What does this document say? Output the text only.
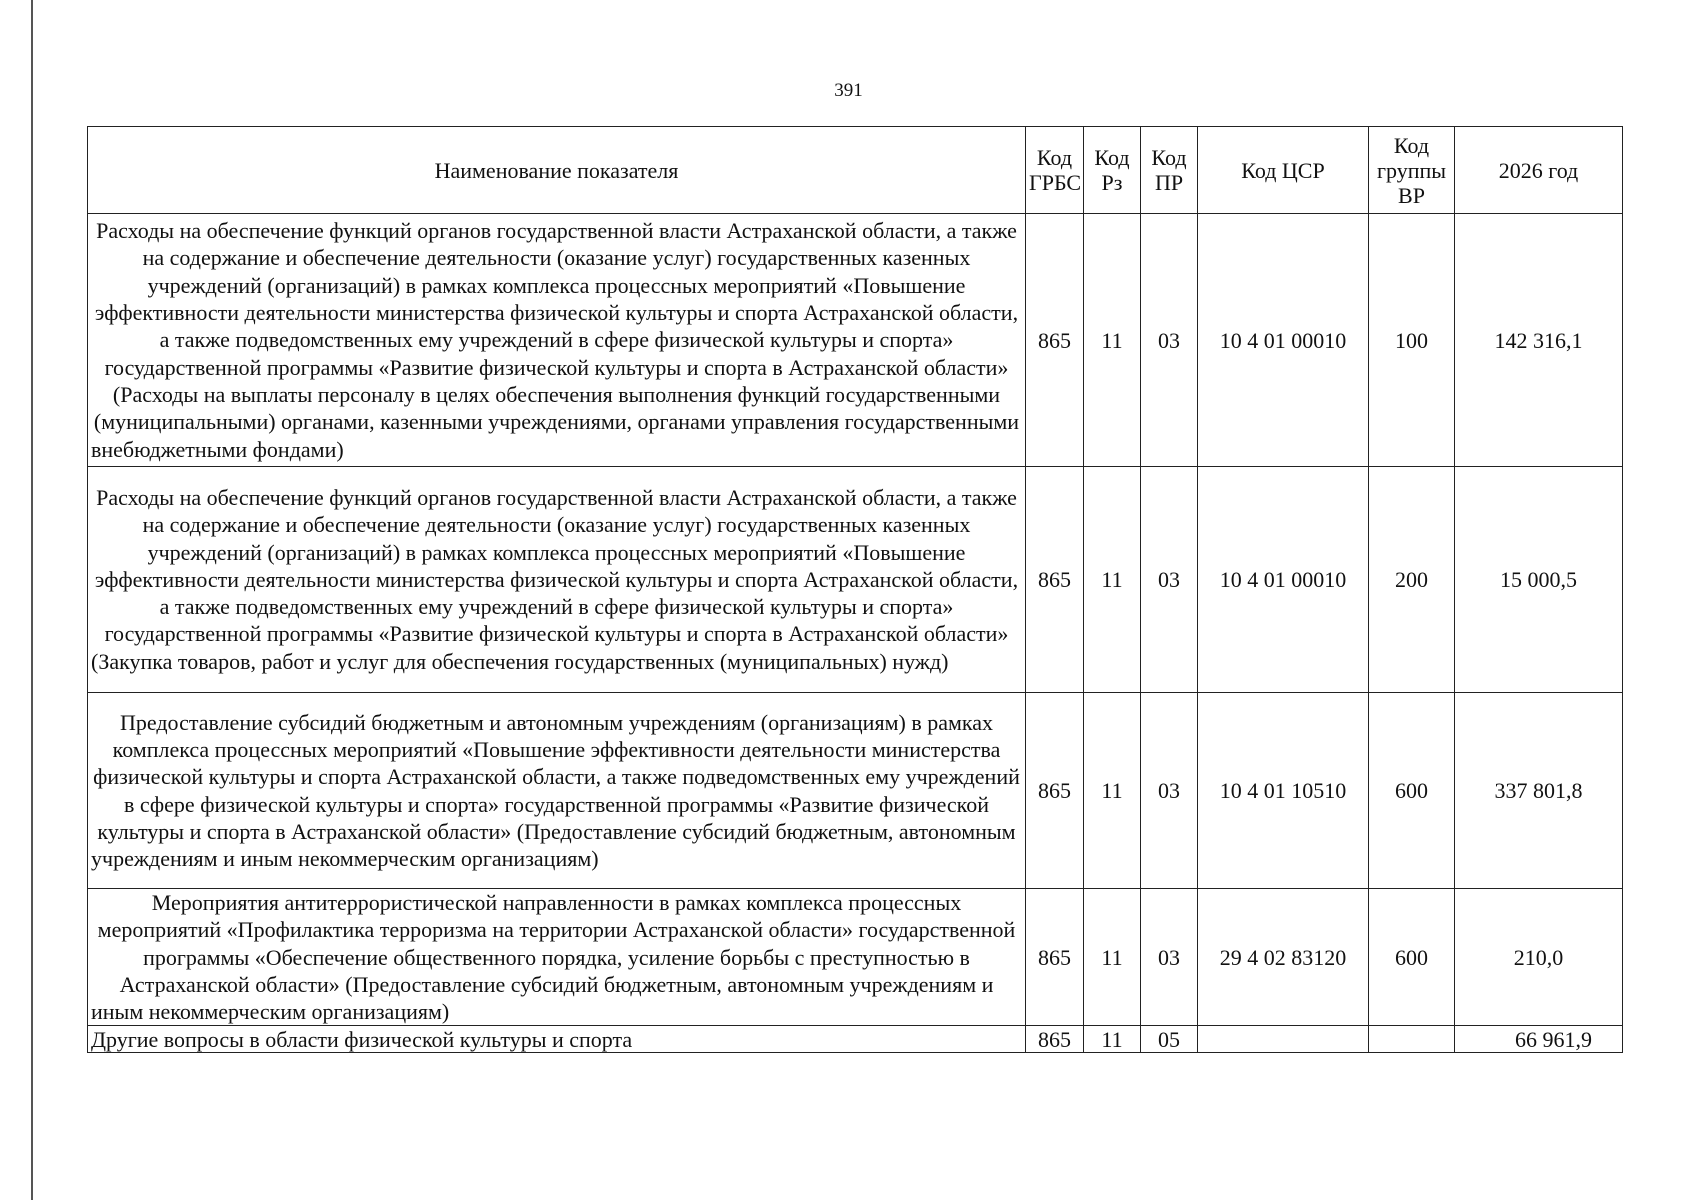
391
Наименование показателя	Код ГРБС	Код Рз	Код ПР	Код ЦСР	Код группы ВР	2026 год
Расходы на обеспечение функций органов государственной власти Астраханской области, а также на содержание и обеспечение деятельности (оказание услуг) государственных казенных учреждений (организаций) в рамках комплекса процессных мероприятий «Повышение эффективности деятельности министерства физической культуры и спорта Астраханской области, а также подведомственных ему учреждений в сфере физической культуры и спорта» государственной программы «Развитие физической культуры и спорта в Астраханской области» (Расходы на выплаты персоналу в целях обеспечения выполнения функций государственными (муниципальными) органами, казенными учреждениями, органами управления государственными внебюджетными фондами)	865	11	03	10 4 01 00010	100	142 316,1
Расходы на обеспечение функций органов государственной власти Астраханской области, а также на содержание и обеспечение деятельности (оказание услуг) государственных казенных учреждений (организаций) в рамках комплекса процессных мероприятий «Повышение эффективности деятельности министерства физической культуры и спорта Астраханской области, а также подведомственных ему учреждений в сфере физической культуры и спорта» государственной программы «Развитие физической культуры и спорта в Астраханской области» (Закупка товаров, работ и услуг для обеспечения государственных (муниципальных) нужд)	865	11	03	10 4 01 00010	200	15 000,5
Предоставление субсидий бюджетным и автономным учреждениям (организациям) в рамках комплекса процессных мероприятий «Повышение эффективности деятельности министерства физической культуры и спорта Астраханской области, а также подведомственных ему учреждений в сфере физической культуры и спорта» государственной программы «Развитие физической культуры и спорта в Астраханской области» (Предоставление субсидий бюджетным, автономным учреждениям и иным некоммерческим организациям)	865	11	03	10 4 01 10510	600	337 801,8
Мероприятия антитеррористической направленности в рамках комплекса процессных мероприятий «Профилактика терроризма на территории Астраханской области» государственной программы «Обеспечение общественного порядка, усиление борьбы с преступностью в Астраханской области» (Предоставление субсидий бюджетным, автономным учреждениям и иным некоммерческим организациям)	865	11	03	29 4 02 83120	600	210,0
Другие вопросы в области физической культуры и спорта	865	11	05			66 961,9
